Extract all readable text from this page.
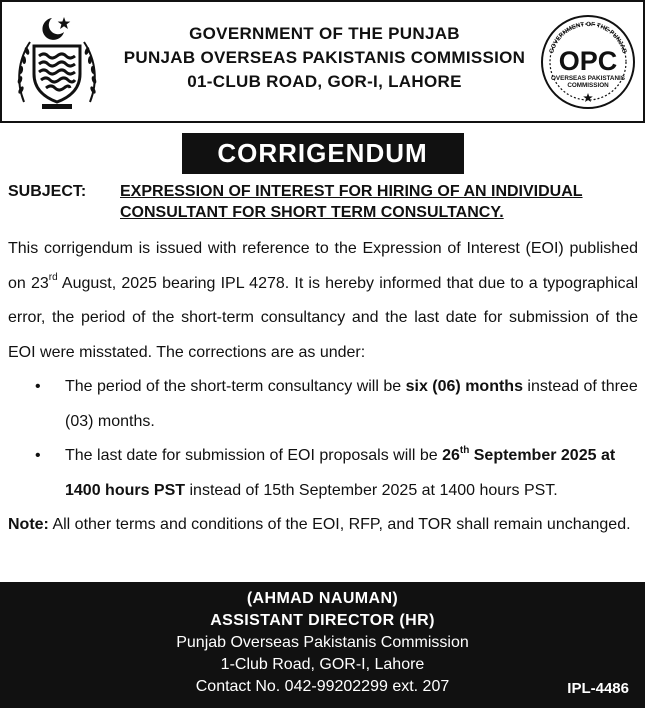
GOVERNMENT OF THE PUNJAB
PUNJAB OVERSEAS PAKISTANIS COMMISSION
01-CLUB ROAD, GOR-I, LAHORE
GOVERNMENT OF THE PUNJAB
OPC
OVERSEAS PAKISTANIS
COMMISSION
CORRIGENDUM
SUBJECT: EXPRESSION OF INTEREST FOR HIRING OF AN INDIVIDUAL CONSULTANT FOR SHORT TERM CONSULTANCY.
This corrigendum is issued with reference to the Expression of Interest (EOI) published on 23rd August, 2025 bearing IPL 4278. It is hereby informed that due to a typographical error, the period of the short-term consultancy and the last date for submission of the EOI were misstated. The corrections are as under:
• The period of the short-term consultancy will be six (06) months instead of three (03) months.
• The last date for submission of EOI proposals will be 26th September 2025 at 1400 hours PST instead of 15th September 2025 at 1400 hours PST.
Note: All other terms and conditions of the EOI, RFP, and TOR shall remain unchanged.
(AHMAD NAUMAN)
ASSISTANT DIRECTOR (HR)
Punjab Overseas Pakistanis Commission
1-Club Road, GOR-I, Lahore
Contact No. 042-99202299 ext. 207	IPL-4486
